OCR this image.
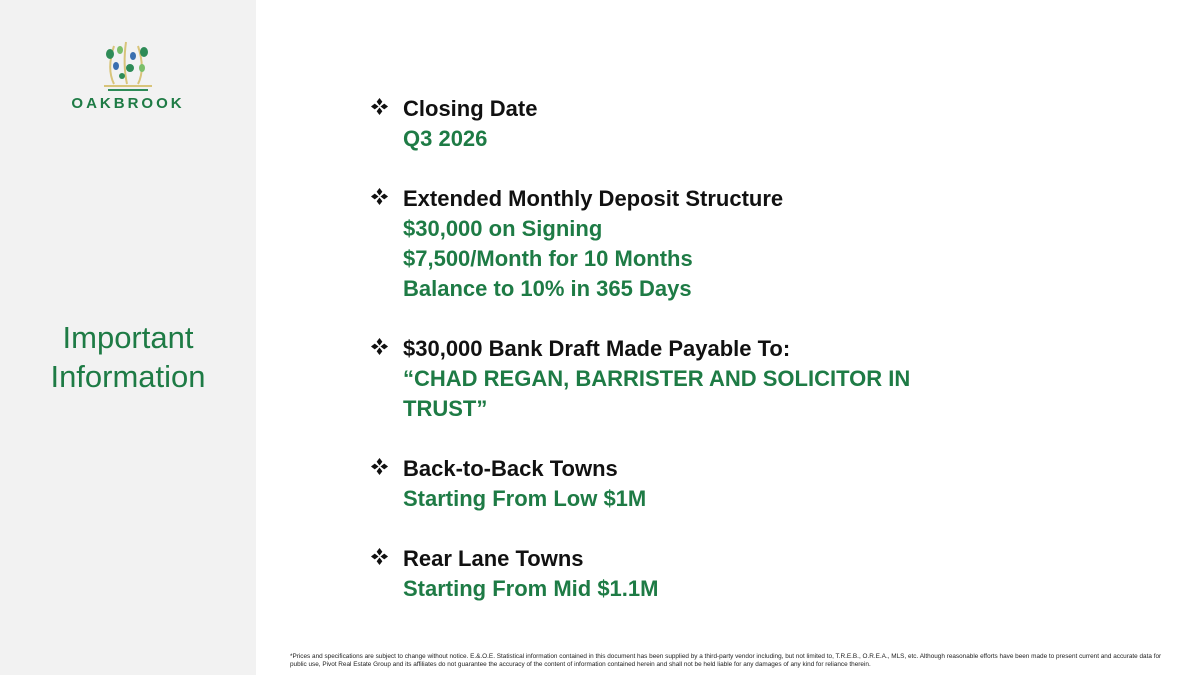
OAKBROOK
Important
Information
Closing Date
Q3 2026
Extended Monthly Deposit Structure
$30,000 on Signing
$7,500/Month for 10 Months
Balance to 10% in 365 Days
$30,000 Bank Draft Made Payable To:
“CHAD REGAN, BARRISTER AND SOLICITOR IN
TRUST”
Back-to-Back Towns
Starting From Low $1M
Rear Lane Towns
Starting From Mid $1.1M
*Prices and specifications are subject to change without notice. E.&.O.E. Statistical information contained in this document has been supplied by a third-party vendor including, but not limited to, T.R.E.B., O.R.E.A., MLS, etc. Although reasonable efforts have been made to present current and accurate data for public use, Pivot Real Estate Group and its affiliates do not guarantee the accuracy of the content of information contained herein and shall not be held liable for any damages of any kind for reliance therein.
